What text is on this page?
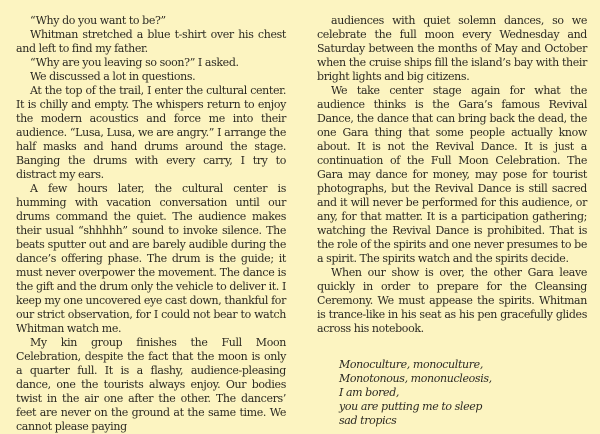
“Why do you want to be?”

Whitman stretched a blue t-shirt over his chest and left to find my father.

“Why are you leaving so soon?” I asked.

We discussed a lot in questions.

At the top of the trail, I enter the cultural center. It is chilly and empty. The whispers return to enjoy the modern acoustics and force me into their audience. “Lusa, Lusa, we are angry.” I arrange the half masks and hand drums around the stage. Banging the drums with every carry, I try to distract my ears.

A few hours later, the cultural center is humming with vacation conversation until our drums command the quiet. The audience makes their usual “shhhhh” sound to invoke silence. The beats sputter out and are barely audible during the dance’s offering phase. The drum is the guide; it must never overpower the movement. The dance is the gift and the drum only the vehicle to deliver it. I keep my one uncovered eye cast down, thankful for our strict observation, for I could not bear to watch Whitman watch me.

My kin group finishes the Full Moon Celebration, despite the fact that the moon is only a quarter full. It is a flashy, audience-pleasing dance, one the tourists always enjoy. Our bodies twist in the air one after the other. The dancers’ feet are never on the ground at the same time. We cannot please paying

audiences with quiet solemn dances, so we celebrate the full moon every Wednesday and Saturday between the months of May and October when the cruise ships fill the island’s bay with their bright lights and big citizens.

We take center stage again for what the audience thinks is the Gara’s famous Revival Dance, the dance that can bring back the dead, the one Gara thing that some people actually know about. It is not the Revival Dance. It is just a continuation of the Full Moon Celebration. The Gara may dance for money, may pose for tourist photographs, but the Revival Dance is still sacred and it will never be performed for this audience, or any, for that matter. It is a participation gathering; watching the Revival Dance is prohibited. That is the role of the spirits and one never presumes to be a spirit. The spirits watch and the spirits decide.

When our show is over, the other Gara leave quickly in order to prepare for the Cleansing Ceremony. We must appease the spirits. Whitman is trance-like in his seat as his pen gracefully glides across his notebook.

Monoculture, monoculture,
Monotonous, mononucleosis,
I am bored,
you are putting me to sleep
sad tropics
